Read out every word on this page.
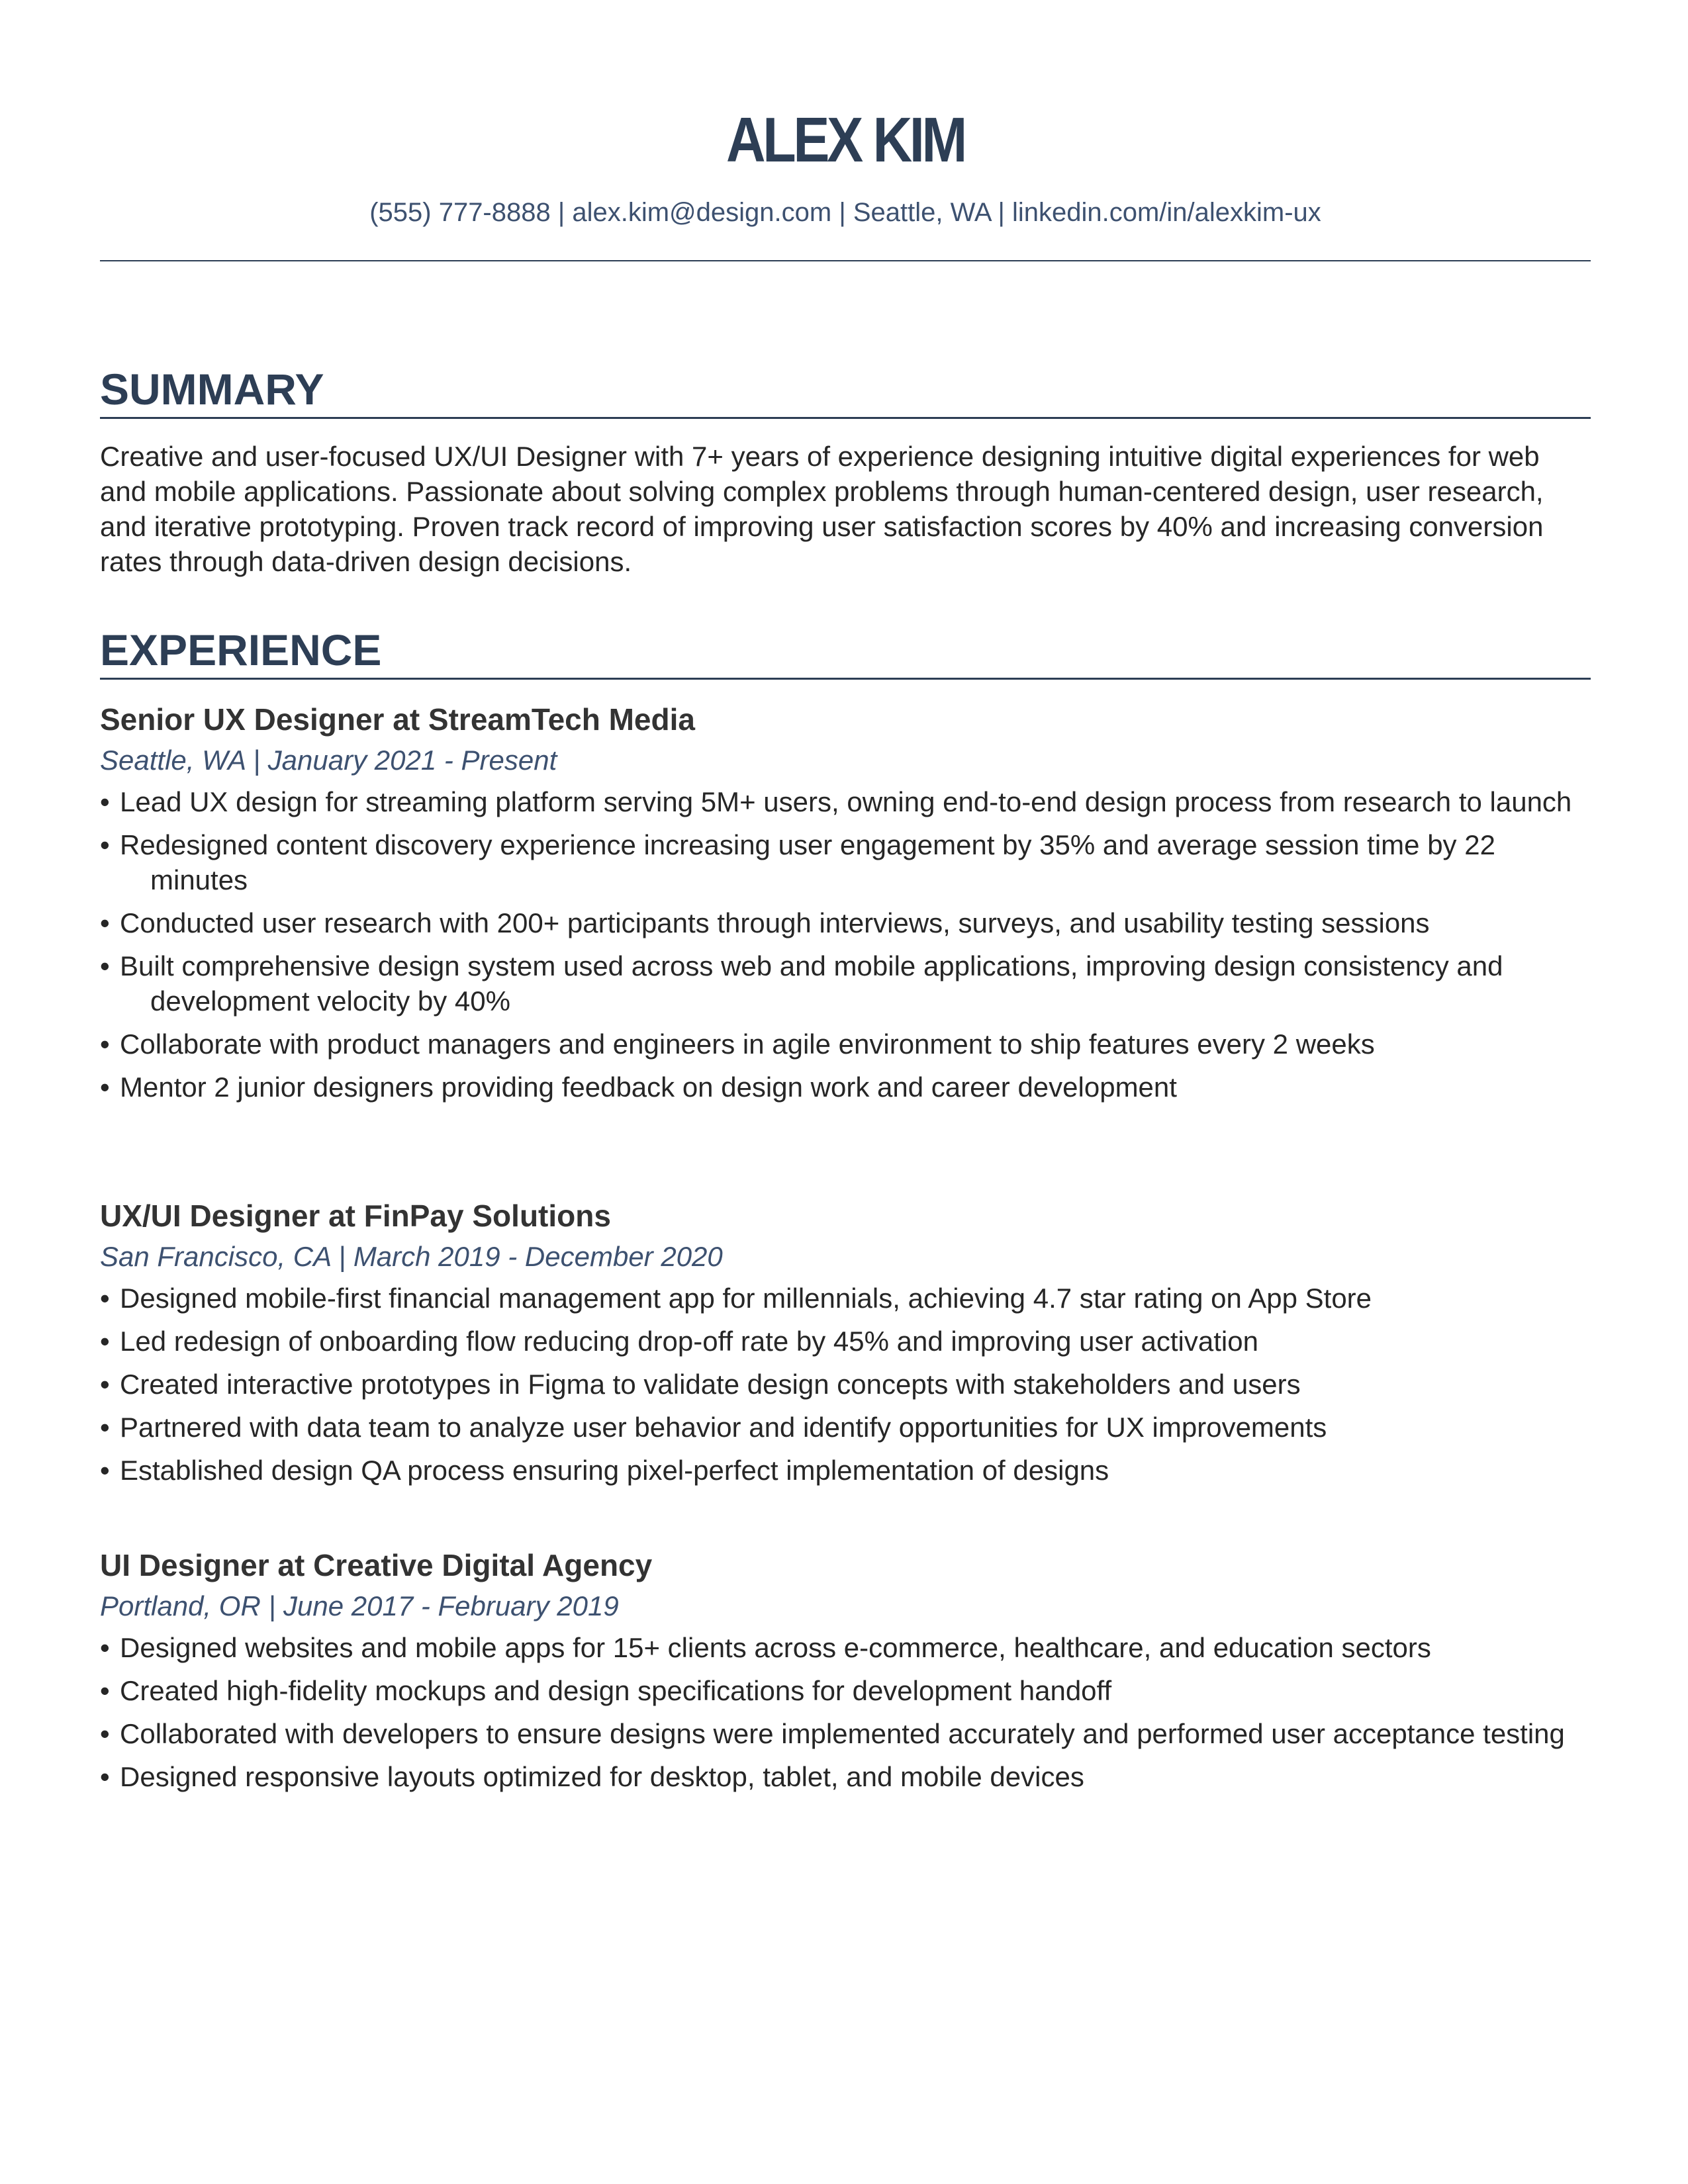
ALEX KIM
(555) 777-8888 | alex.kim@design.com | Seattle, WA | linkedin.com/in/alexkim-ux
SUMMARY
Creative and user-focused UX/UI Designer with 7+ years of experience designing intuitive digital experiences for web and mobile applications. Passionate about solving complex problems through human-centered design, user research, and iterative prototyping. Proven track record of improving user satisfaction scores by 40% and increasing conversion rates through data-driven design decisions.
EXPERIENCE
Senior UX Designer at StreamTech Media
Seattle, WA | January 2021 - Present
• Lead UX design for streaming platform serving 5M+ users, owning end-to-end design process from research to launch
• Redesigned content discovery experience increasing user engagement by 35% and average session time by 22 minutes
• Conducted user research with 200+ participants through interviews, surveys, and usability testing sessions
• Built comprehensive design system used across web and mobile applications, improving design consistency and development velocity by 40%
• Collaborate with product managers and engineers in agile environment to ship features every 2 weeks
• Mentor 2 junior designers providing feedback on design work and career development
UX/UI Designer at FinPay Solutions
San Francisco, CA | March 2019 - December 2020
• Designed mobile-first financial management app for millennials, achieving 4.7 star rating on App Store
• Led redesign of onboarding flow reducing drop-off rate by 45% and improving user activation
• Created interactive prototypes in Figma to validate design concepts with stakeholders and users
• Partnered with data team to analyze user behavior and identify opportunities for UX improvements
• Established design QA process ensuring pixel-perfect implementation of designs
UI Designer at Creative Digital Agency
Portland, OR | June 2017 - February 2019
• Designed websites and mobile apps for 15+ clients across e-commerce, healthcare, and education sectors
• Created high-fidelity mockups and design specifications for development handoff
• Collaborated with developers to ensure designs were implemented accurately and performed user acceptance testing
• Designed responsive layouts optimized for desktop, tablet, and mobile devices
